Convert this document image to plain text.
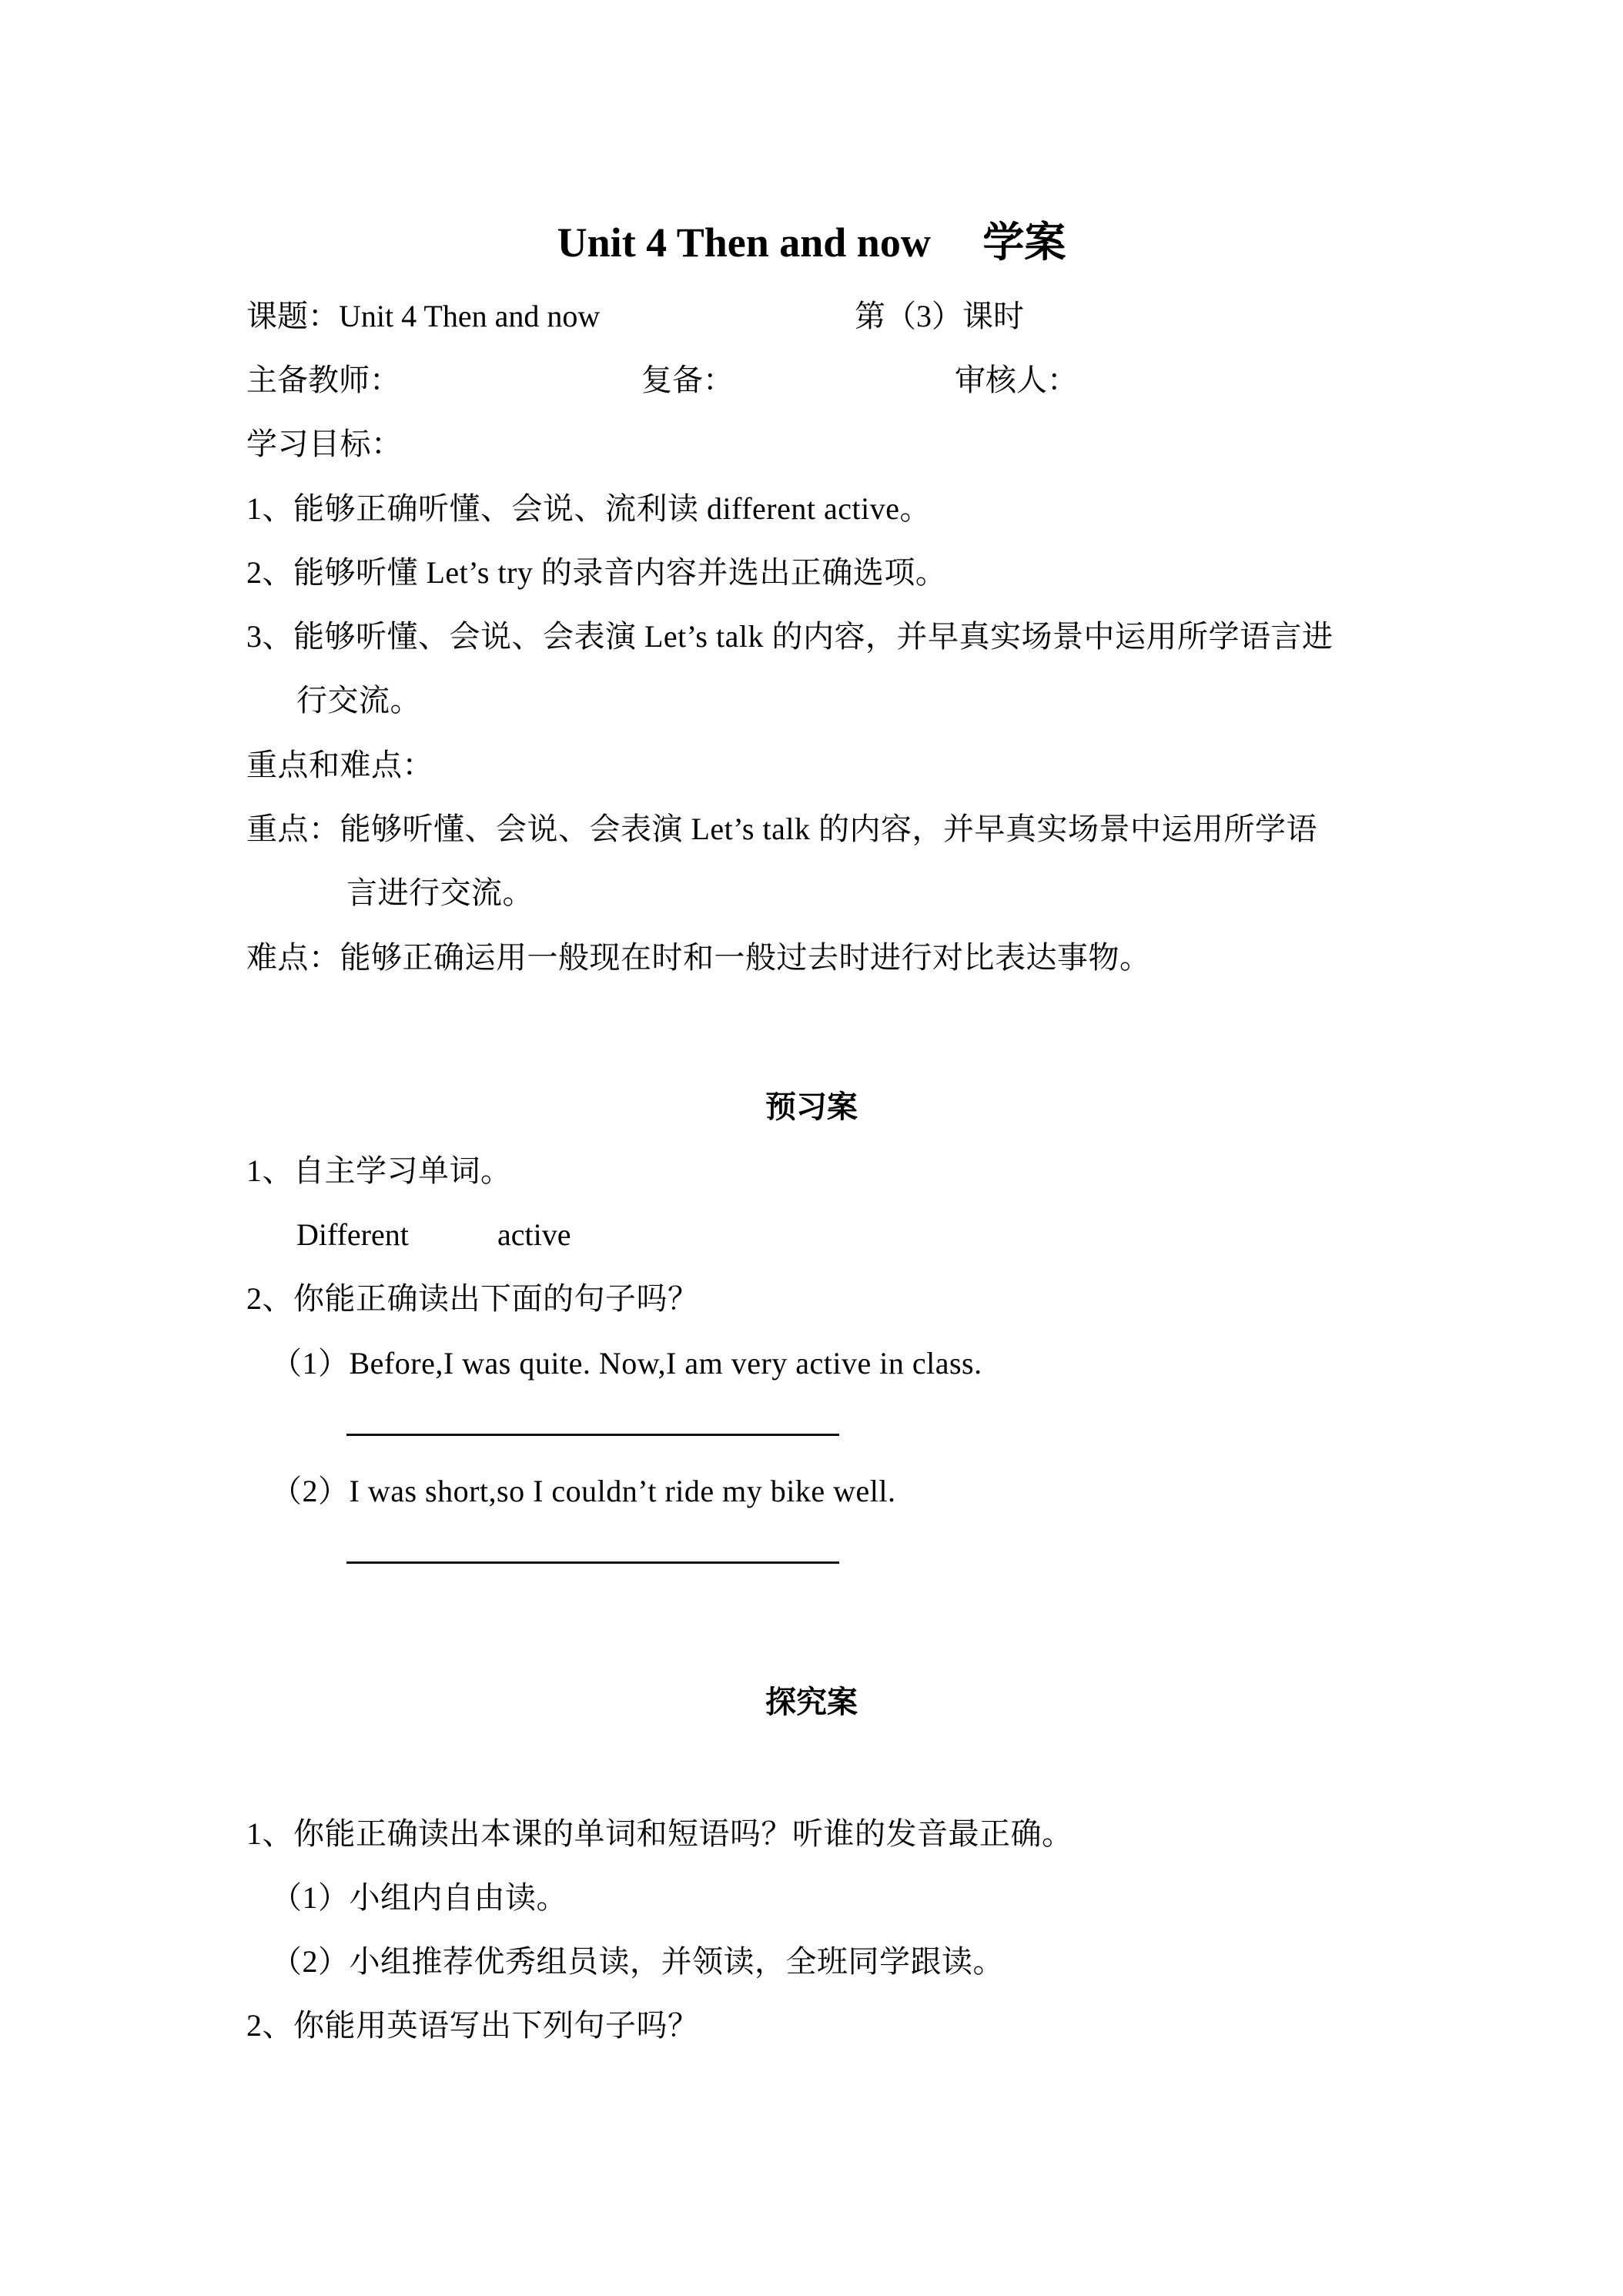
Unit 4 Then and now　 学案
课题：Unit 4 Then and now	第（3）课时
主备教师：	复备：	审核人：
学习目标：
1、能够正确听懂、会说、流利读 different active。
2、能够听懂 Let’s try 的录音内容并选出正确选项。
3、能够听懂、会说、会表演 Let’s talk 的内容，并早真实场景中运用所学语言进
行交流。
重点和难点：
重点：能够听懂、会说、会表演 Let’s talk 的内容，并早真实场景中运用所学语
言进行交流。
难点：能够正确运用一般现在时和一般过去时进行对比表达事物。
预习案
1、自主学习单词。
Different	active
2、你能正确读出下面的句子吗？
（1）Before,I was quite. Now,I am very active in class.
（2）I was short,so I couldn’t ride my bike well.
探究案
1、你能正确读出本课的单词和短语吗？听谁的发音最正确。
（1）小组内自由读。
（2）小组推荐优秀组员读，并领读，全班同学跟读。
2、你能用英语写出下列句子吗？
